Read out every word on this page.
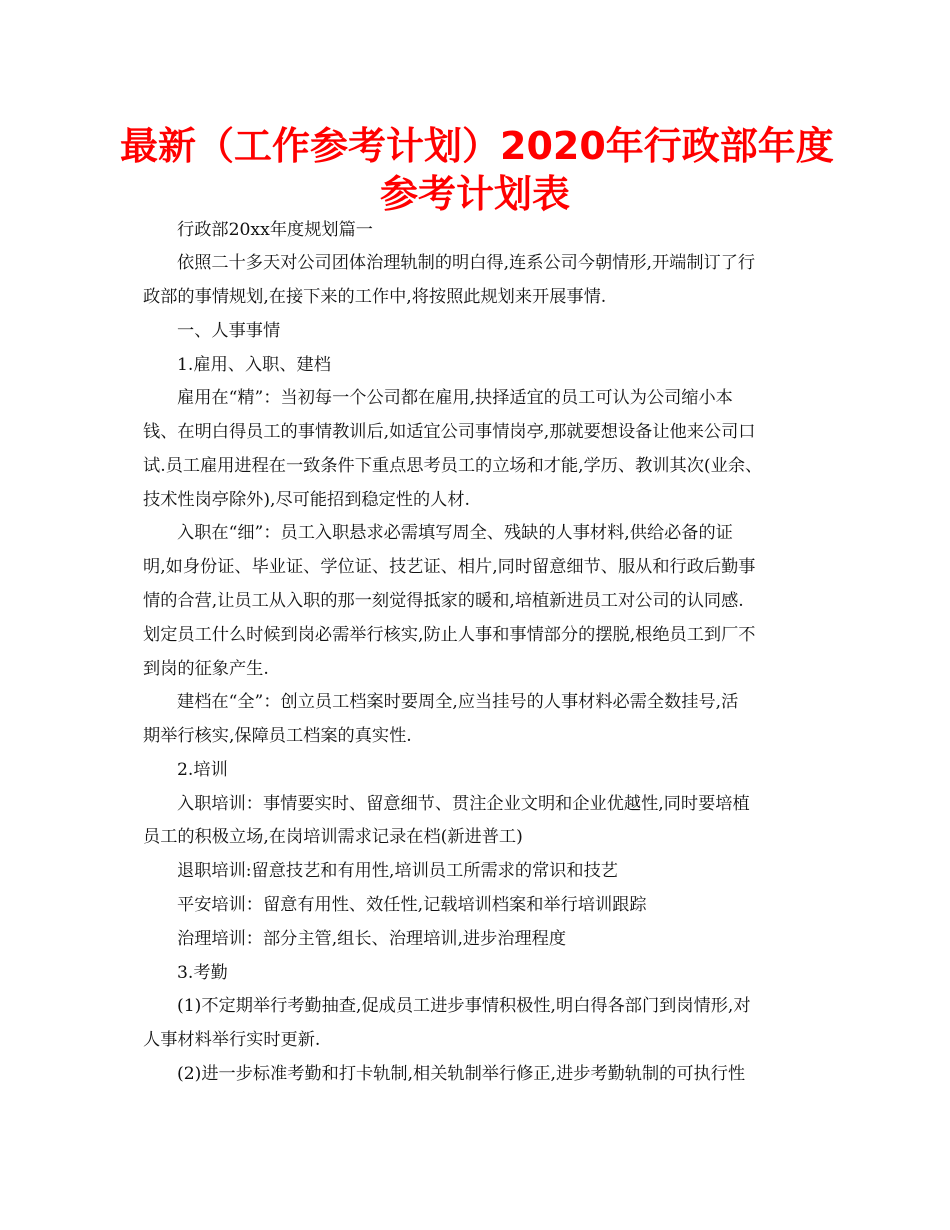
最新（工作参考计划）2020年行政部年度
参考计划表

行政部20xx年度规划篇一

依照二十多天对公司团体治理轨制的明白得,连系公司今朝情形,开端制订了行

政部的事情规划,在接下来的工作中,将按照此规划来开展事情.

一、人事事情

1.雇用、入职、建档

雇用在“精”：当初每一个公司都在雇用,抉择适宜的员工可认为公司缩小本

钱、在明白得员工的事情教训后,如适宜公司事情岗亭,那就要想设备让他来公司口

试.员工雇用进程在一致条件下重点思考员工的立场和才能,学历、教训其次(业余、

技术性岗亭除外),尽可能招到稳定性的人材.

入职在“细”：员工入职悬求必需填写周全、残缺的人事材料,供给必备的证

明,如身份证、毕业证、学位证、技艺证、相片,同时留意细节、服从和行政后勤事

情的合营,让员工从入职的那一刻觉得抵家的暖和,培植新进员工对公司的认同感.

划定员工什么时候到岗必需举行核实,防止人事和事情部分的摆脱,根绝员工到厂不

到岗的征象产生.

建档在“全”：创立员工档案时要周全,应当挂号的人事材料必需全数挂号,活

期举行核实,保障员工档案的真实性.

2.培训

入职培训：事情要实时、留意细节、贯注企业文明和企业优越性,同时要培植

员工的积极立场,在岗培训需求记录在档(新进普工)

退职培训:留意技艺和有用性,培训员工所需求的常识和技艺

平安培训：留意有用性、效任性,记载培训档案和举行培训跟踪

治理培训：部分主管,组长、治理培训,进步治理程度

3.考勤

(1)不定期举行考勤抽查,促成员工进步事情积极性,明白得各部门到岗情形,对

人事材料举行实时更新.

(2)进一步标准考勤和打卡轨制,相关轨制举行修正,进步考勤轨制的可执行性
